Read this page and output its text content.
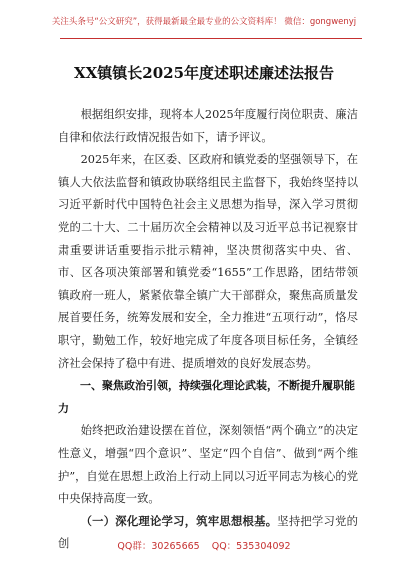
关注头条号“公文研究”，获得最新最全最专业的公文资料库！ 微信：gongwenyj
XX镇镇长2025年度述职述廉述法报告

根据组织安排，现将本人2025年度履行岗位职责、廉洁自律和依法行政情况报告如下，请予评议。

2025年来，在区委、区政府和镇党委的坚强领导下，在镇人大依法监督和镇政协联络组民主监督下，我始终坚持以习近平新时代中国特色社会主义思想为指导，深入学习贯彻党的二十大、二十届历次全会精神以及习近平总书记视察甘肃重要讲话重要指示批示精神，坚决贯彻落实中央、省、市、区各项决策部署和镇党委“1655”工作思路，团结带领镇政府一班人，紧紧依靠全镇广大干部群众，聚焦高质量发展首要任务，统筹发展和安全，全力推进“五项行动”，恪尽职守，勤勉工作，较好地完成了年度各项目标任务，全镇经济社会保持了稳中有进、提质增效的良好发展态势。

一、聚焦政治引领，持续强化理论武装，不断提升履职能力

始终把政治建设摆在首位，深刻领悟“两个确立”的决定性意义，增强“四个意识”、坚定“四个自信”、做到“两个维护”，自觉在思想上政治上行动上同以习近平同志为核心的党中央保持高度一致。

（一）深化理论学习，筑牢思想根基。坚持把学习党的创	QQ群：30265665 QQ：535304092
